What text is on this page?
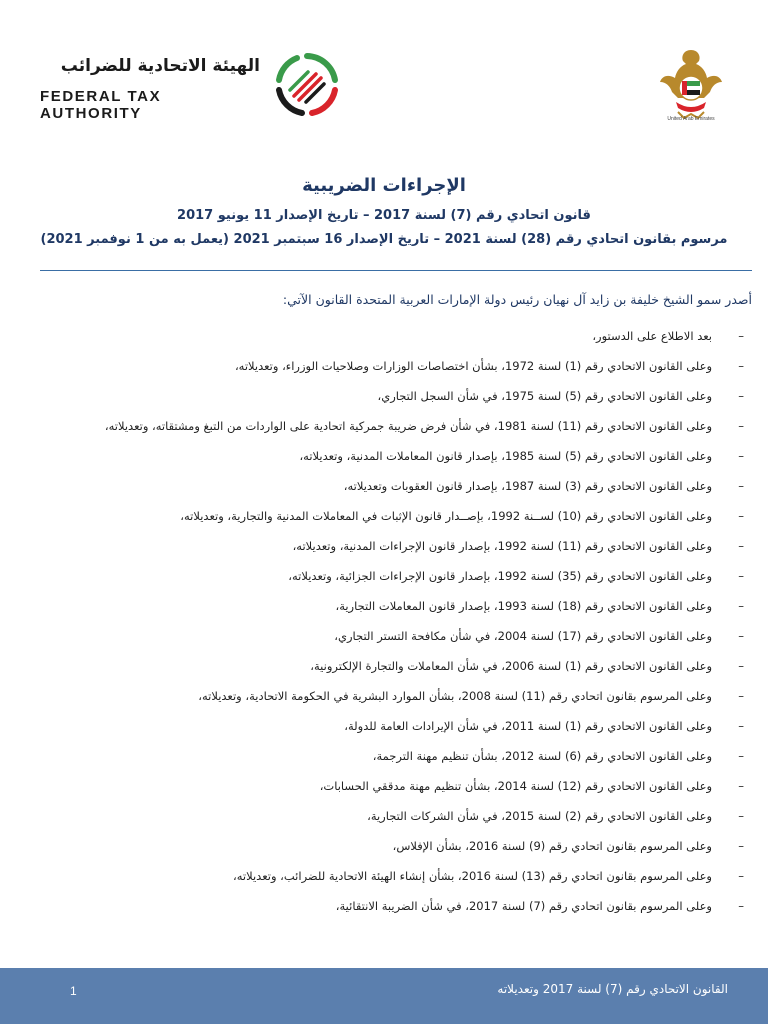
الهيئة الاتحادية للضرائب
FEDERAL TAX AUTHORITY	United Arab Emirates
الإجراءات الضريبية

قانون اتحادي رقم (7) لسنة 2017 – تاريخ الإصدار 11 يونيو 2017

مرسوم بقانون اتحادي رقم (28) لسنة 2021 – تاريخ الإصدار 16 سبتمبر 2021 (يعمل به من 1 نوفمبر 2021)

أصدر سمو الشيخ خليفة بن زايد آل نهيان رئيس دولة الإمارات العربية المتحدة القانون الآتي:

–
بعد الاطلاع على الدستور،
–
وعلى القانون الاتحادي رقم (1) لسنة 1972، بشأن اختصاصات الوزارات وصلاحيات الوزراء، وتعديلاته،
–
وعلى القانون الاتحادي رقم (5) لسنة 1975، في شأن السجل التجاري،
–
وعلى القانون الاتحادي رقم (11) لسنة 1981، في شأن فرض ضريبة جمركية اتحادية على الواردات من التبغ ومشتقاته، وتعديلاته،
–
وعلى القانون الاتحادي رقم (5) لسنة 1985، بإصدار قانون المعاملات المدنية، وتعديلاته،
–
وعلى القانون الاتحادي رقم (3) لسنة 1987، بإصدار قانون العقوبات وتعديلاته،
–
وعلى القانون الاتحادي رقم (10) لســنة 1992، بإصــدار قانون الإثبات في المعاملات المدنية والتجارية، وتعديلاته،
–
وعلى القانون الاتحادي رقم (11) لسنة 1992، بإصدار قانون الإجراءات المدنية، وتعديلاته،
–
وعلى القانون الاتحادي رقم (35) لسنة 1992، بإصدار قانون الإجراءات الجزائية، وتعديلاته،
–
وعلى القانون الاتحادي رقم (18) لسنة 1993، بإصدار قانون المعاملات التجارية،
–
وعلى القانون الاتحادي رقم (17) لسنة 2004، في شأن مكافحة التستر التجاري،
–
وعلى القانون الاتحادي رقم (1) لسنة 2006، في شأن المعاملات والتجارة الإلكترونية،
–
وعلى المرسوم بقانون اتحادي رقم (11) لسنة 2008، بشأن الموارد البشرية في الحكومة الاتحادية، وتعديلاته،
–
وعلى القانون الاتحادي رقم (1) لسنة 2011، في شأن الإيرادات العامة للدولة،
–
وعلى القانون الاتحادي رقم (6) لسنة 2012، بشأن تنظيم مهنة الترجمة،
–
وعلى القانون الاتحادي رقم (12) لسنة 2014، بشأن تنظيم مهنة مدققي الحسابات،
–
وعلى القانون الاتحادي رقم (2) لسنة 2015، في شأن الشركات التجارية،
–
وعلى المرسوم بقانون اتحادي رقم (9) لسنة 2016، بشأن الإفلاس،
–
وعلى المرسوم بقانون اتحادي رقم (13) لسنة 2016، بشأن إنشاء الهيئة الاتحادية للضرائب، وتعديلاته،
–
وعلى المرسوم بقانون اتحادي رقم (7) لسنة 2017، في شأن الضريبة الانتقائية،
1	القانون الاتحادي رقم (7) لسنة 2017 وتعديلاته
